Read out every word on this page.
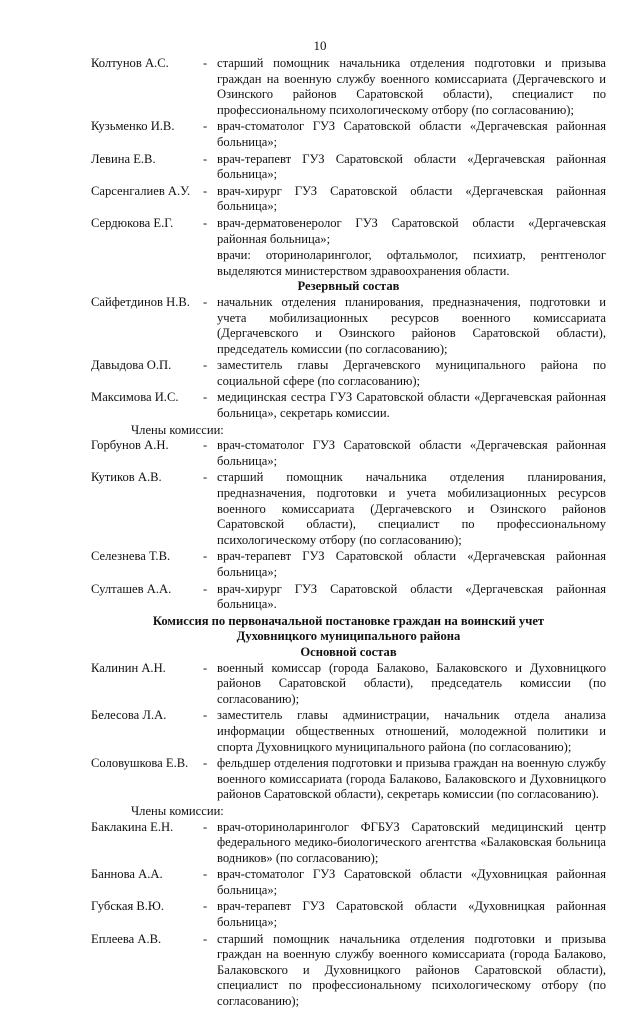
10
Колтунов А.С.	- старший помощник начальника отделения подготовки и призыва граждан на военную службу военного комиссариата (Дергачевского и Озинского районов Саратовской области), специалист по профессиональному психологическому отбору (по согласованию);
Кузьменко И.В.	- врач-стоматолог ГУЗ Саратовской области «Дергачевская районная больница»;
Левина Е.В.	- врач-терапевт ГУЗ Саратовской области «Дергачевская районная больница»;
Сарсенгалиев А.У.	- врач-хирург ГУЗ Саратовской области «Дергачевская районная больница»;
Сердюкова Е.Г.	- врач-дерматовенеролог ГУЗ Саратовской области «Дергачевская районная больница»;
врачи: оториноларинголог, офтальмолог, психиатр, рентгенолог выделяются министерством здравоохранения области.
Резервный состав
Сайфетдинов Н.В.	- начальник отделения планирования, предназначения, подготовки и учета мобилизационных ресурсов военного комиссариата (Дергачевского и Озинского районов Саратовской области), председатель комиссии (по согласованию);
Давыдова О.П.	- заместитель главы Дергачевского муниципального района по социальной сфере (по согласованию);
Максимова И.С.	- медицинская сестра ГУЗ Саратовской области «Дергачевская районная больница», секретарь комиссии.
Члены комиссии:
Горбунов А.Н.	- врач-стоматолог ГУЗ Саратовской области «Дергачевская районная больница»;
Кутиков А.В.	- старший помощник начальника отделения планирования, предназначения, подготовки и учета мобилизационных ресурсов военного комиссариата (Дергачевского и Озинского районов Саратовской области), специалист по профессиональному психологическому отбору (по согласованию);
Селезнева Т.В.	- врач-терапевт ГУЗ Саратовской области «Дергачевская районная больница»;
Султашев А.А.	- врач-хирург ГУЗ Саратовской области «Дергачевская районная больница».
Комиссия по первоначальной постановке граждан на воинский учет
Духовницкого муниципального района
Основной состав
Калинин А.Н.	- военный комиссар (города Балаково, Балаковского и Духовницкого районов Саратовской области), председатель комиссии (по согласованию);
Белесова Л.А.	- заместитель главы администрации, начальник отдела анализа информации общественных отношений, молодежной политики и спорта Духовницкого муниципального района (по согласованию);
Соловушкова Е.В.	- фельдшер отделения подготовки и призыва граждан на военную службу военного комиссариата (города Балаково, Балаковского и Духовницкого районов Саратовской области), секретарь комиссии (по согласованию).
Члены комиссии:
Баклакина Е.Н.	- врач-оториноларинголог ФГБУЗ Саратовский медицинский центр федерального медико-биологического агентства «Балаковская больница водников» (по согласованию);
Баннова А.А.	- врач-стоматолог ГУЗ Саратовской области «Духовницкая районная больница»;
Губская В.Ю.	- врач-терапевт ГУЗ Саратовской области «Духовницкая районная больница»;
Еплеева А.В.	- старший помощник начальника отделения подготовки и призыва граждан на военную службу военного комиссариата (города Балаково, Балаковского и Духовницкого районов Саратовской области), специалист по профессиональному психологическому отбору (по согласованию);
